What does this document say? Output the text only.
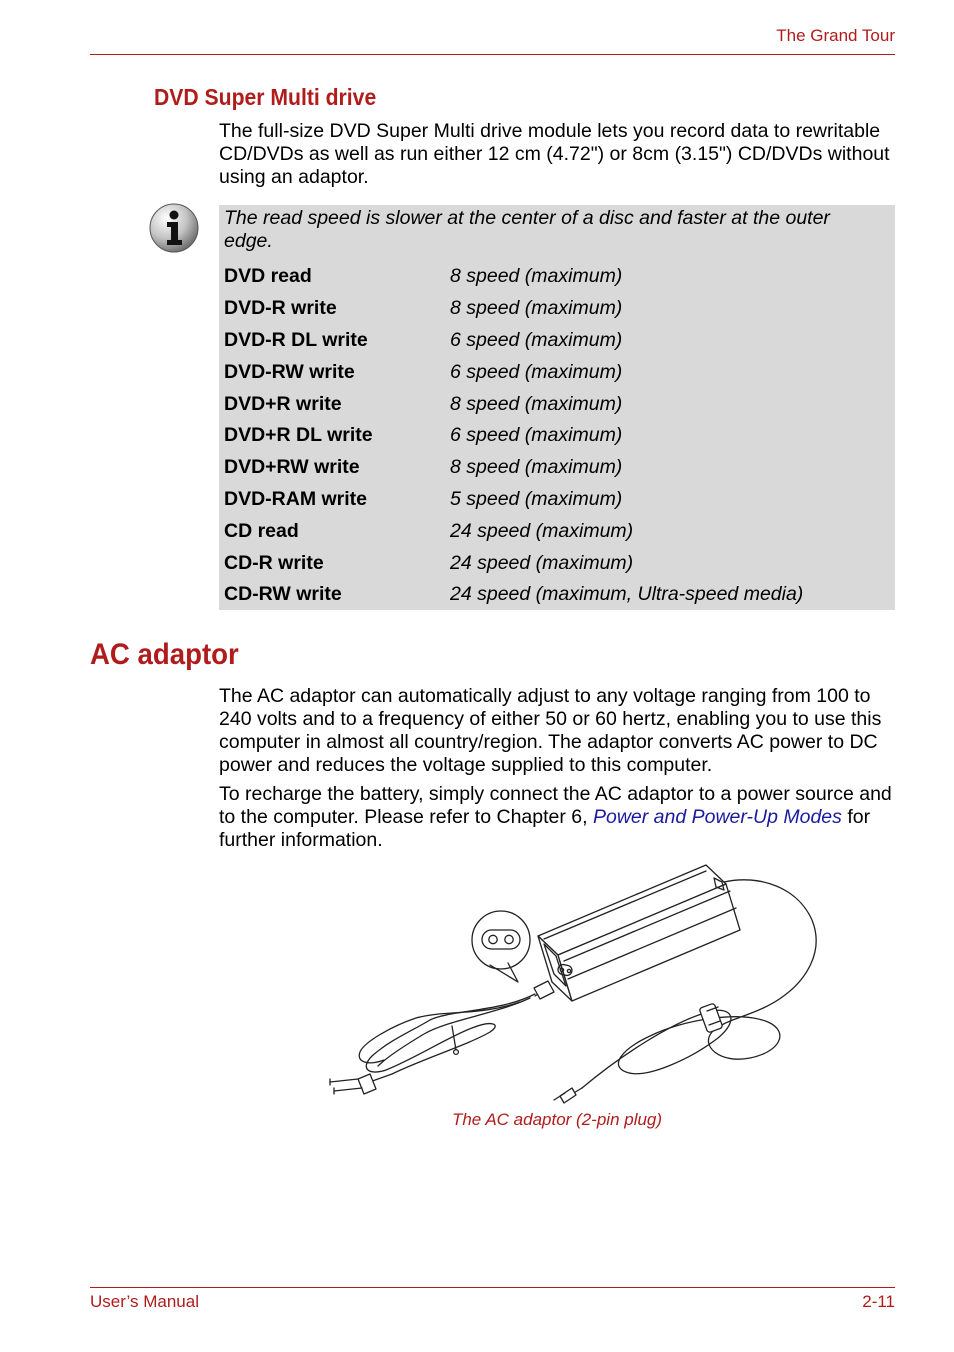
The Grand Tour
DVD Super Multi drive

The full-size DVD Super Multi drive module lets you record data to rewritable CD/DVDs as well as run either 12 cm (4.72") or 8cm (3.15") CD/DVDs without using an adaptor.

The read speed is slower at the center of a disc and faster at the outer edge.

DVD read	8 speed (maximum)
DVD-R write	8 speed (maximum)
DVD-R DL write	6 speed (maximum)
DVD-RW write	6 speed (maximum)
DVD+R write	8 speed (maximum)
DVD+R DL write	6 speed (maximum)
DVD+RW write	8 speed (maximum)
DVD-RAM write	5 speed (maximum)
CD read	24 speed (maximum)
CD-R write	24 speed (maximum)
CD-RW write	24 speed (maximum, Ultra-speed media)
AC adaptor

The AC adaptor can automatically adjust to any voltage ranging from 100 to 240 volts and to a frequency of either 50 or 60 hertz, enabling you to use this computer in almost all country/region. The adaptor converts AC power to DC power and reduces the voltage supplied to this computer.

To recharge the battery, simply connect the AC adaptor to a power source and to the computer. Please refer to Chapter 6, Power and Power-Up Modes for further information.

The AC adaptor (2-pin plug)
User’s Manual	2-11
